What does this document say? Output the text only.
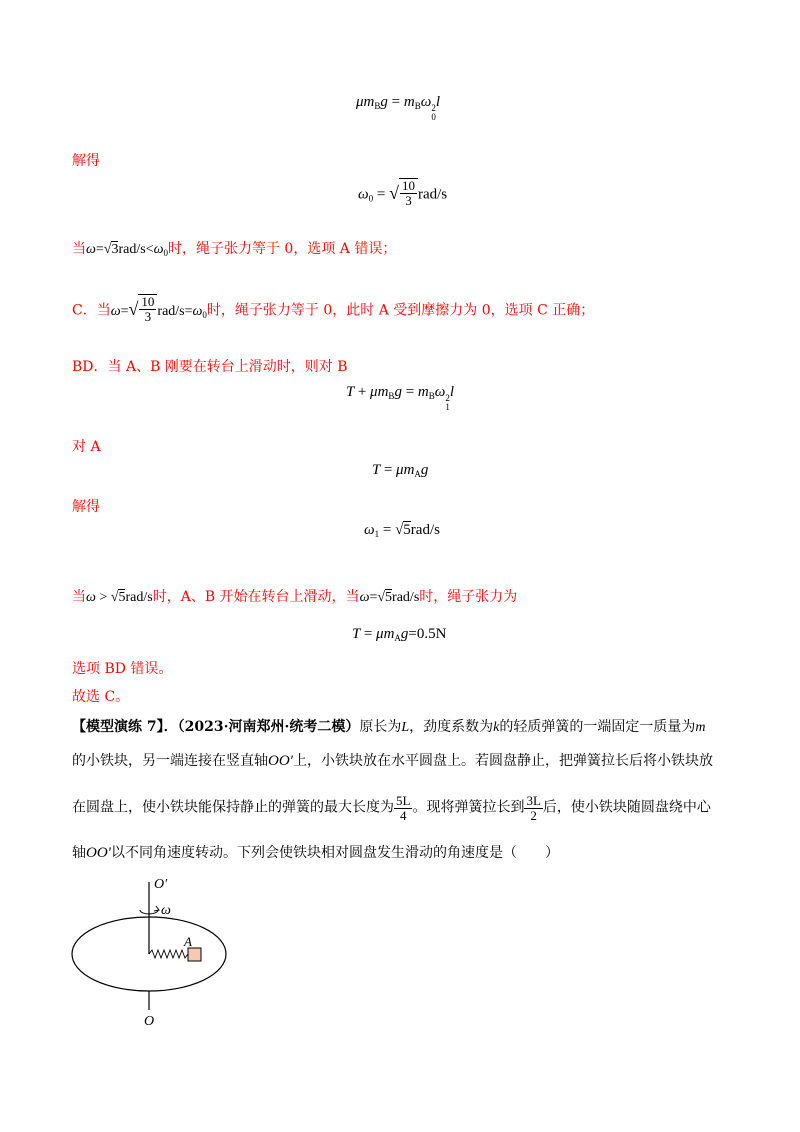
$\mu m_Bg = m_B\omega$ 2
0
l
解得
$\omega_0$ = √ $\frac{10}{3} rad/s$
当$\omega=√3rad/s<\omega_0$时，绳子张力等于 0，选项 A 错误；
C．当ω= √ $\frac{10}{3} rad/s=\omega_0$时，绳子张力等于 0，此时 A 受到摩擦力为 0，选项 C 正确；
BD．当 A、B 刚要在转台上滑动时，则对 B
$T + \mu m_Bg = m_B\omega$ 2
1
l
对 A
$T = \mu m_Ag$
解得
$\omega_1 = √5rad/s$
当ω > √5rad/s时，A、B 开始在转台上滑动，当ω=√5rad/s时，绳子张力为
$T = \mu m_Ag=0.5N$
选项 BD 错误。
故选 C。
【模型演练 7】．（2023·河南郑州·统考二模）原长为L，劲度系数为k的轻质弹簧的一端固定一质量为m
的小铁块，另一端连接在竖直轴OO′上，小铁块放在水平圆盘上。若圆盘静止，把弹簧拉长后将小铁块放
在圆盘上，使小铁块能保持静止的弹簧的最大长度为 $\frac{5L}{4}$ 。现将弹簧拉长到 $\frac{3L}{2}$ 后，使小铁块随圆盘绕中心
轴OO′以不同角速度转动。下列会使铁块相对圆盘发生滑动的角速度是（　　）
O′
ω
A
O
